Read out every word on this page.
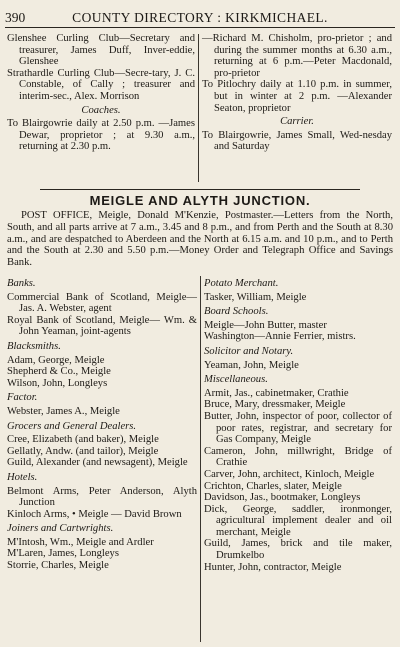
390	COUNTY DIRECTORY : KIRKMICHAEL.

Glenshee Curling Club—Secretary and treasurer, James Duff, Inver-eddie, Glenshee

Strathardle Curling Club—Secre-tary, J. C. Constable, of Cally ; treasurer and interim-sec., Alex. Morrison

Coaches.

To Blairgowrie daily at 2.50 p.m. —James Dewar, proprietor ; at 9.30 a.m., returning at 2.30 p.m.

—Richard M. Chisholm, pro-prietor ; and during the summer months at 6.30 a.m., returning at 6 p.m.—Peter Macdonald, pro-prietor

To Pitlochry daily at 1.10 p.m. in summer, but in winter at 2 p.m. —Alexander Seaton, proprietor

Carrier.

To Blairgowrie, James Small, Wed-nesday and Saturday

MEIGLE AND ALYTH JUNCTION.
POST OFFICE, Meigle, Donald M'Kenzie, Postmaster.—Letters from the North, South, and all parts arrive at 7 a.m., 3.45 and 8 p.m., and from Perth and the South at 8.30 a.m., and are despatched to Aberdeen and the North at 6.15 a.m. and 10 p.m., and to Perth and the South at 2.30 and 5.50 p.m.—Money Order and Telegraph Office and Savings Bank.

Banks.

Commercial Bank of Scotland, Meigle—Jas. A. Webster, agent

Royal Bank of Scotland, Meigle— Wm. & John Yeaman, joint-agents

Blacksmiths.

Adam, George, Meigle

Shepherd & Co., Meigle

Wilson, John, Longleys

Factor.

Webster, James A., Meigle

Grocers and General Dealers.

Cree, Elizabeth (and baker), Meigle

Gellatly, Andw. (and tailor), Meigle

Guild, Alexander (and newsagent), Meigle

Hotels.

Belmont Arms, Peter Anderson, Alyth Junction

Kinloch Arms, • Meigle — David Brown

Joiners and Cartwrights.

M'Intosh, Wm., Meigle and Ardler

M'Laren, James, Longleys

Storrie, Charles, Meigle

Potato Merchant.

Tasker, William, Meigle

Board Schools.

Meigle—John Butter, master

Washington—Annie Ferrier, mistrs.

Solicitor and Notary.

Yeaman, John, Meigle

Miscellaneous.

Armit, Jas., cabinetmaker, Crathie

Bruce, Mary, dressmaker, Meigle

Butter, John, inspector of poor, collector of poor rates, registrar, and secretary for Gas Company, Meigle

Cameron, John, millwright, Bridge of Crathie

Carver, John, architect, Kinloch, Meigle

Crichton, Charles, slater, Meigle

Davidson, Jas., bootmaker, Longleys

Dick, George, saddler, ironmonger, agricultural implement dealer and oil merchant, Meigle

Guild, James, brick and tile maker, Drumkelbo

Hunter, John, contractor, Meigle
